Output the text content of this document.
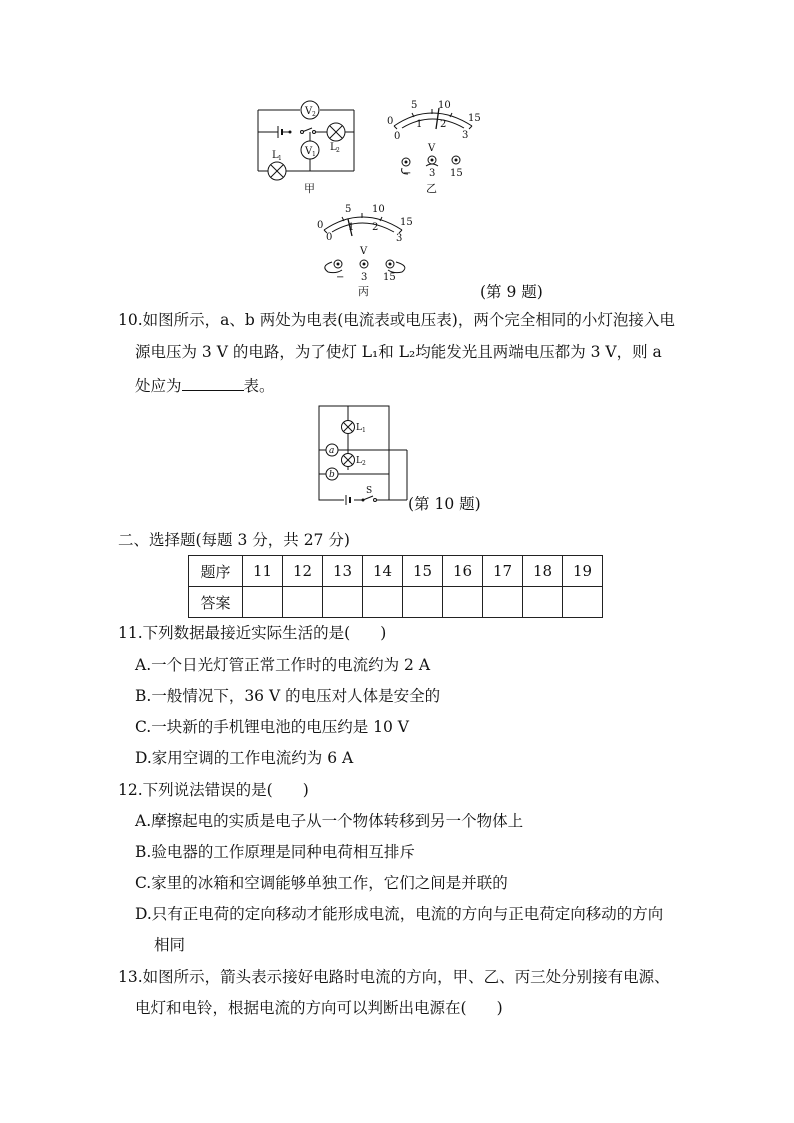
V 2
V 1
L 2
L 1
甲
0
5 10
15
0
1 2
3
V
− 3 15
乙
0
5 10
15
0
1 2
3
V
− 3 15
丙	(第 9 题)
10.如图所示，a、b 两处为电表(电流表或电压表)，两个完全相同的小灯泡接入电
源电压为 3 V 的电路，为了使灯 L₁和 L₂均能发光且两端电压都为 3 V，则 a
处应为	表。
a
b
L 1
L 2
S
(第 10 题)
二、选择题(每题 3 分，共 27 分)
题序	11	12	13	14	15	16	17	18	19
答案									
11.下列数据最接近实际生活的是( )
A.一个日光灯管正常工作时的电流约为 2 A
B.一般情况下，36 V 的电压对人体是安全的
C.一块新的手机锂电池的电压约是 10 V
D.家用空调的工作电流约为 6 A
12.下列说法错误的是( )
A.摩擦起电的实质是电子从一个物体转移到另一个物体上
B.验电器的工作原理是同种电荷相互排斥
C.家里的冰箱和空调能够单独工作，它们之间是并联的
D.只有正电荷的定向移动才能形成电流，电流的方向与正电荷定向移动的方向
相同
13.如图所示，箭头表示接好电路时电流的方向，甲、乙、丙三处分别接有电源、
电灯和电铃，根据电流的方向可以判断出电源在( )
